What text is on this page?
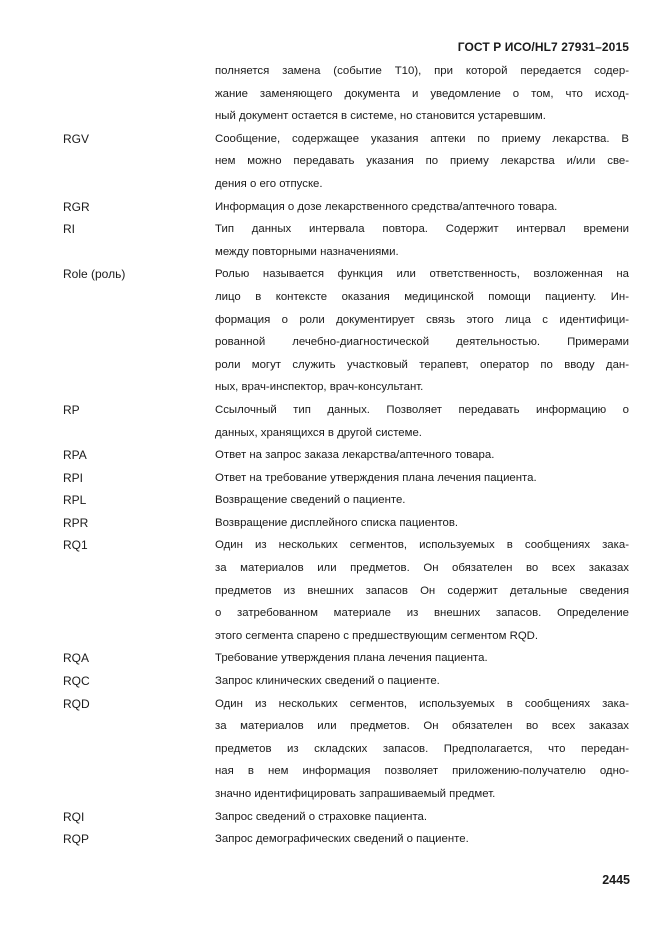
ГОСТ Р ИСО/HL7 27931–2015
полняется замена (событие T10), при которой передается содер-
жание заменяющего документа и уведомление о том, что исход-
ный документ остается в системе, но становится устаревшим.
RGV	Сообщение, содержащее указания аптеки по приему лекарства. В
нем можно передавать указания по приему лекарства и/или све-
дения о его отпуске.
RGR	Информация о дозе лекарственного средства/аптечного товара.
RI	Тип данных интервала повтора. Содержит интервал времени
между повторными назначениями.
Role (роль)	Ролью называется функция или ответственность, возложенная на
лицо в контексте оказания медицинской помощи пациенту. Ин-
формация о роли документирует связь этого лица с идентифици-
рованной лечебно-диагностической деятельностью. Примерами
роли могут служить участковый терапевт, оператор по вводу дан-
ных, врач-инспектор, врач-консультант.
RP	Ссылочный тип данных. Позволяет передавать информацию о
данных, хранящихся в другой системе.
RPA	Ответ на запрос заказа лекарства/аптечного товара.
RPI	Ответ на требование утверждения плана лечения пациента.
RPL	Возвращение сведений о пациенте.
RPR	Возвращение дисплейного списка пациентов.
RQ1	Один из нескольких сегментов, используемых в сообщениях зака-
за материалов или предметов. Он обязателен во всех заказах
предметов из внешних запасов Он содержит детальные сведения
о затребованном материале из внешних запасов. Определение
этого сегмента спарено с предшествующим сегментом RQD.
RQA	Требование утверждения плана лечения пациента.
RQC	Запрос клинических сведений о пациенте.
RQD	Один из нескольких сегментов, используемых в сообщениях зака-
за материалов или предметов. Он обязателен во всех заказах
предметов из складских запасов. Предполагается, что передан-
ная в нем информация позволяет приложению-получателю одно-
значно идентифицировать запрашиваемый предмет.
RQI	Запрос сведений о страховке пациента.
RQP	Запрос демографических сведений о пациенте.
2445
